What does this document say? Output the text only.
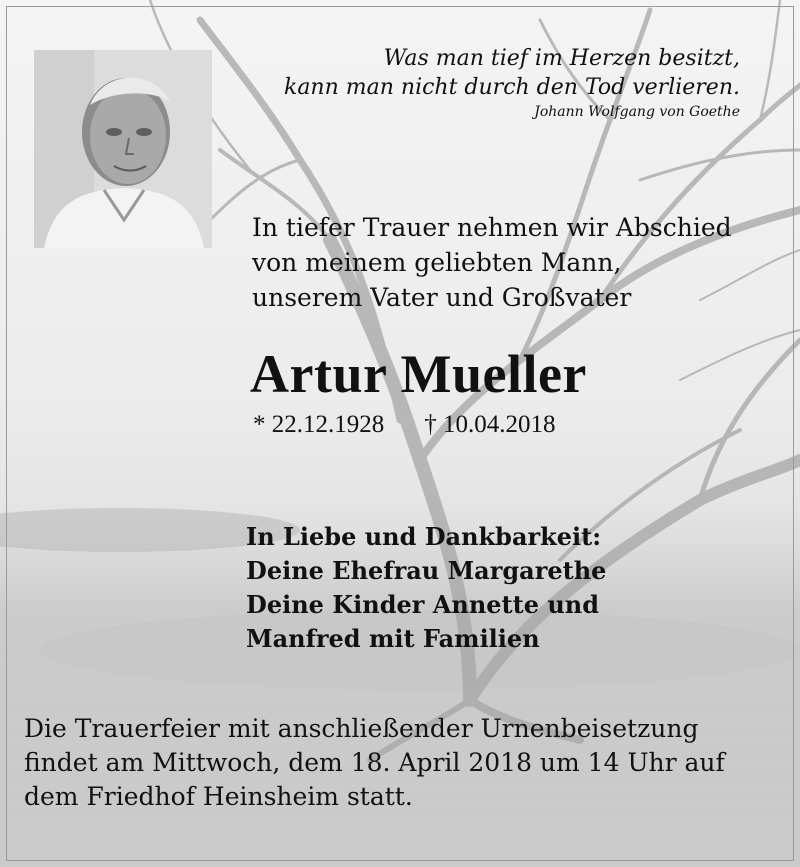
Was man tief im Herzen besitzt,
kann man nicht durch den Tod verlieren.
Johann Wolfgang von Goethe
In tiefer Trauer nehmen wir Abschied
von meinem geliebten Mann,
unserem Vater und Großvater
Artur Mueller
* 22.12.1928 † 10.04.2018
In Liebe und Dankbarkeit:
Deine Ehefrau Margarethe
Deine Kinder Annette und
Manfred mit Familien
Die Trauerfeier mit anschließender Urnenbeisetzung
findet am Mittwoch, dem 18. April 2018 um 14 Uhr auf
dem Friedhof Heinsheim statt.
